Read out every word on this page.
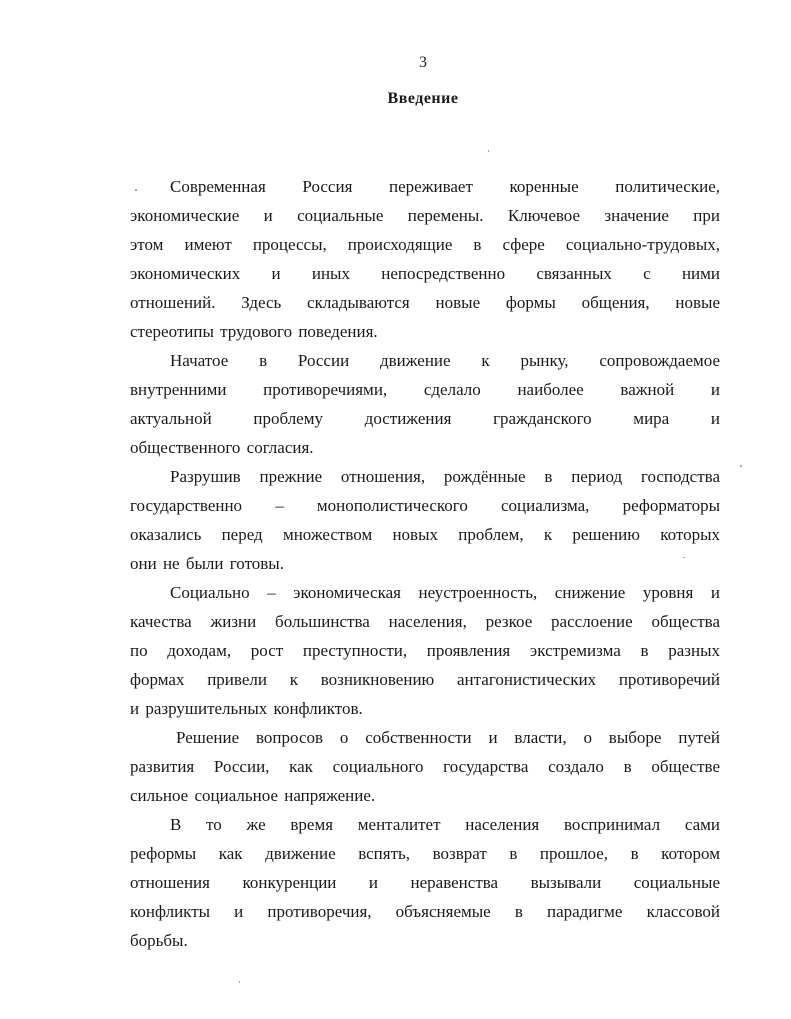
3
Введение
Современная Россия переживает коренные политические,
экономические и социальные перемены. Ключевое значение при
этом имеют процессы, происходящие в сфере социально-трудовых,
экономических и иных непосредственно связанных с ними
отношений. Здесь складываются новые формы общения, новые
стереотипы трудового поведения.
Начатое в России движение к рынку, сопровождаемое
внутренними противоречиями, сделало наиболее важной и
актуальной проблему достижения гражданского мира и
общественного согласия.
Разрушив прежние отношения, рождённые в период господства
государственно – монополистического социализма, реформаторы
оказались перед множеством новых проблем, к решению которых
они не были готовы.
Социально – экономическая неустроенность, снижение уровня и
качества жизни большинства населения, резкое расслоение общества
по доходам, рост преступности, проявления экстремизма в разных
формах привели к возникновению антагонистических противоречий
и разрушительных конфликтов.
Решение вопросов о собственности и власти, о выборе путей
развития России, как социального государства создало в обществе
сильное социальное напряжение.
В то же время менталитет населения воспринимал сами
реформы как движение вспять, возврат в прошлое, в котором
отношения конкуренции и неравенства вызывали социальные
конфликты и противоречия, объясняемые в парадигме классовой
борьбы.
